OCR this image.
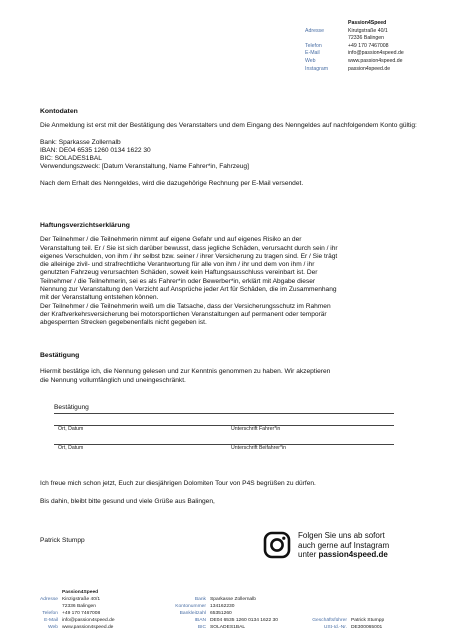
Passion4Speed
Adresse	Kirutgstraße 40/1
72336 Balingen
Telefon	+49 170 7467008
E-Mail	info@passion4speed.de
Web	www.passion4speed.de
Instagram	passion4speed.de

Kontodaten

Die Anmeldung ist erst mit der Bestätigung des Veranstalters und dem Eingang des Nenngeldes auf nachfolgendem Konto gültig:

Bank: Sparkasse Zollernalb

IBAN: DE04 6535 1260 0134 1622 30

BIC: SOLADES1BAL

Verwendungszweck: [Datum Veranstaltung, Name Fahrer*in, Fahrzeug]

Nach dem Erhalt des Nenngeldes, wird die dazugehörige Rechnung per E-Mail versendet.

Haftungsverzichtserklärung

Der Teilnehmer / die Teilnehmerin nimmt auf eigene Gefahr und auf eigenes Risiko an der

Veranstaltung teil. Er / Sie ist sich darüber bewusst, dass jegliche Schäden, verursacht durch sein / ihr

eigenes Verschulden, von ihm / ihr selbst bzw. seiner / ihrer Versicherung zu tragen sind. Er / Sie trägt

die alleinige zivil- und strafrechtliche Verantwortung für alle von ihm / ihr und dem von ihm / ihr

genutzten Fahrzeug verursachten Schäden, soweit kein Haftungsausschluss vereinbart ist. Der

Teilnehmer / die Teilnehmerin, sei es als Fahrer*in oder Bewerber*in, erklärt mit Abgabe dieser

Nennung zur Veranstaltung den Verzicht auf Ansprüche jeder Art für Schäden, die im Zusammenhang

mit der Veranstaltung entstehen können.

Der Teilnehmer / die Teilnehmerin weiß um die Tatsache, dass der Versicherungsschutz im Rahmen

der Kraftverkehrsversicherung bei motorsportlichen Veranstaltungen auf permanent oder temporär

abgesperrten Strecken gegebenenfalls nicht gegeben ist.

Bestätigung

Hiermit bestätige ich, die Nennung gelesen und zur Kenntnis genommen zu haben. Wir akzeptieren

die Nennung vollumfänglich und uneingeschränkt.

Bestätigung
Ort, Datum	Unterschrift Fahrer*in
Ort, Datum	Unterschrift Beifahrer*in

Ich freue mich schon jetzt, Euch zur diesjährigen Dolomiten Tour von P4S begrüßen zu dürfen.

Bis dahin, bleibt bitte gesund und viele Grüße aus Balingen,

Patrick Stumpp

Folgen Sie uns ab sofort
auch gerne auf Instagram
unter passion4speed.de
Passion4Speed
Adresse Kinzigstraße 40/1
72336 Balingen
Telefon +49 170 7467008
E-Mail info@passion4speed.de
Web www.passion4speed.de
Bank Sparkasse Zollernalb
Kontonummer 134162230
Bankleitzahl 65351260
IBAN DE04 6535 1260 0134 1622 30
BIC SOLADES1BAL
Geschäftsführer Patrick Stumpp
USt-Id.-Nr. DE300065001
